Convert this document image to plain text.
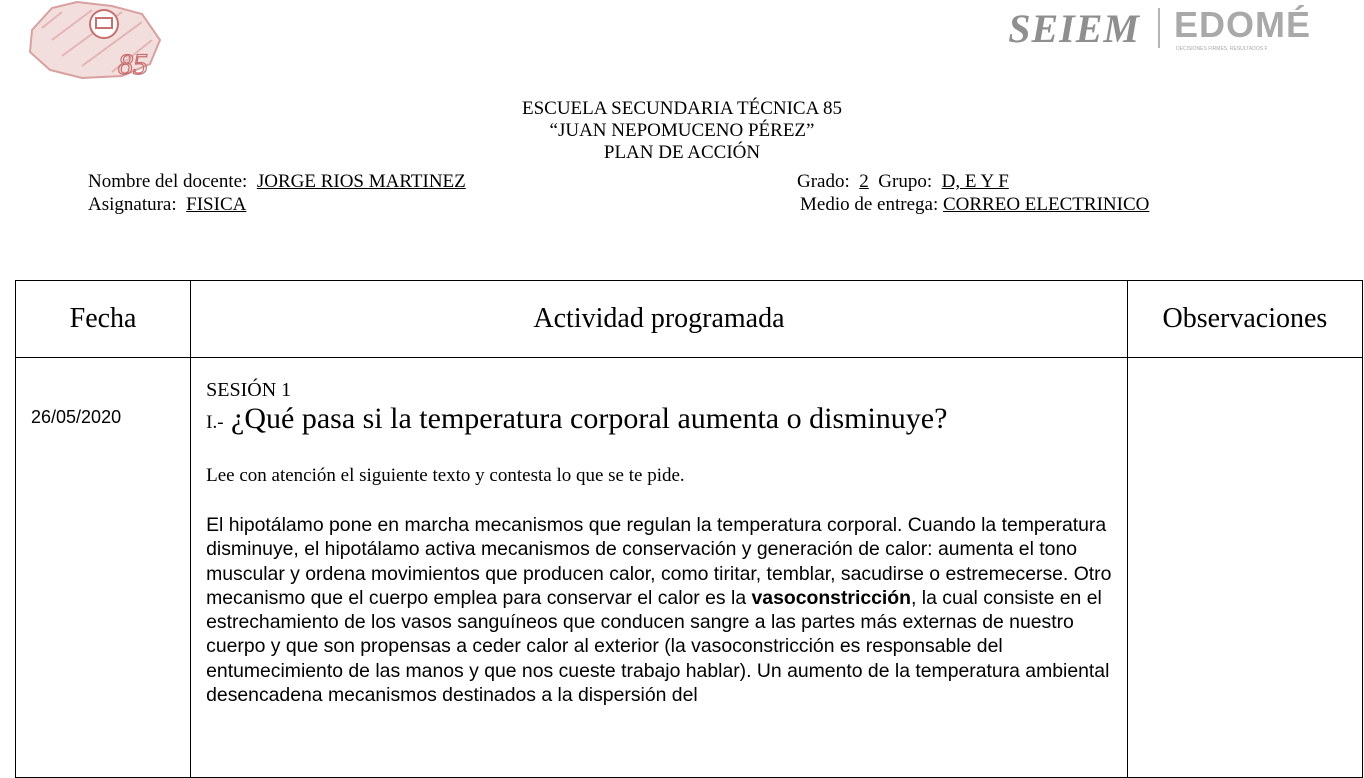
85
SEIEM EDOMÉ
DECISIONES FIRMES, RESULTADOS F
ESCUELA SECUNDARIA TÉCNICA 85
“JUAN NEPOMUCENO PÉREZ”
PLAN DE ACCIÓN
Nombre del docente: JORGE RIOS MARTINEZ	Grado: 2 Grupo: D, E Y F
Asignatura: FISICA	Medio de entrega: CORREO ELECTRINICO
Fecha	Actividad programada	Observaciones

26/05/2020	SESIÓN 1
I.- ¿Qué pasa si la temperatura corporal aumenta o disminuye?
Lee con atención el siguiente texto y contesta lo que se te pide.
El hipotálamo pone en marcha mecanismos que regulan la temperatura corporal. Cuando la temperatura disminuye, el hipotálamo activa mecanismos de conservación y generación de calor: aumenta el tono muscular y ordena movimientos que producen calor, como tiritar, temblar, sacudirse o estremecerse. Otro mecanismo que el cuerpo emplea para conservar el calor es la vasoconstricción, la cual consiste en el estrechamiento de los vasos sanguíneos que conducen sangre a las partes más externas de nuestro cuerpo y que son propensas a ceder calor al exterior (la vasoconstricción es responsable del entumecimiento de las manos y que nos cueste trabajo hablar). Un aumento de la temperatura ambiental desencadena mecanismos destinados a la dispersión del	
